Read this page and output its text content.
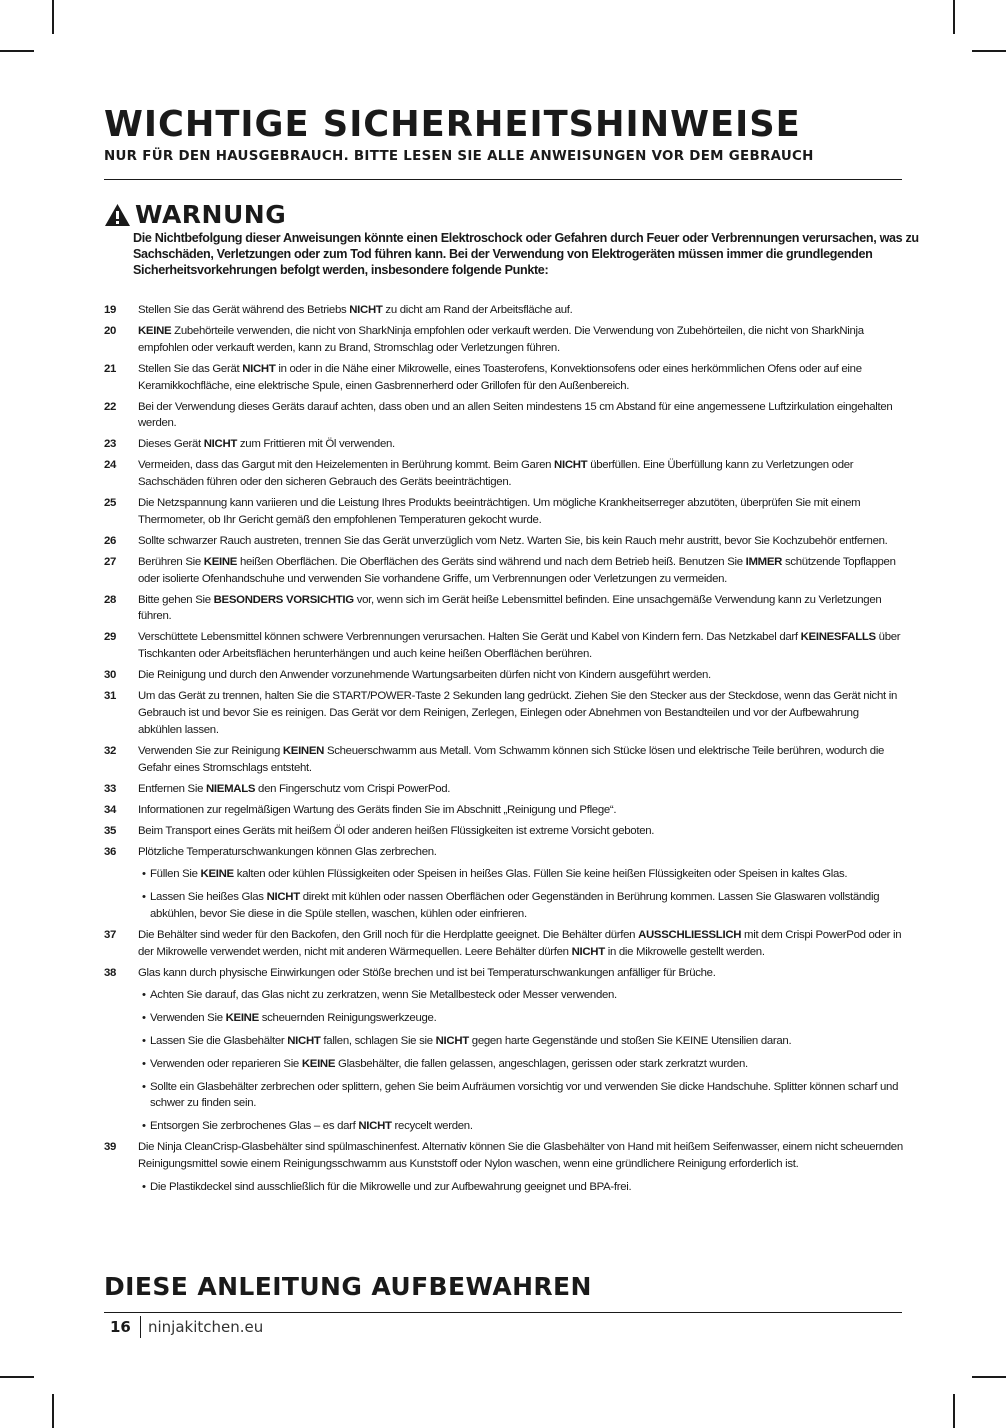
WICHTIGE SICHERHEITSHINWEISE
NUR FÜR DEN HAUSGEBRAUCH. BITTE LESEN SIE ALLE ANWEISUNGEN VOR DEM GEBRAUCH
WARNUNG
Die Nichtbefolgung dieser Anweisungen könnte einen Elektroschock oder Gefahren durch Feuer oder Verbrennungen verursachen, was zu Sachschäden, Verletzungen oder zum Tod führen kann. Bei der Verwendung von Elektrogeräten müssen immer die grundlegenden Sicherheitsvorkehrungen befolgt werden, insbesondere folgende Punkte:
19	Stellen Sie das Gerät während des Betriebs NICHT zu dicht am Rand der Arbeitsfläche auf.
20	KEINE Zubehörteile verwenden, die nicht von SharkNinja empfohlen oder verkauft werden. Die Verwendung von Zubehörteilen, die nicht von SharkNinja empfohlen oder verkauft werden, kann zu Brand, Stromschlag oder Verletzungen führen.
21	Stellen Sie das Gerät NICHT in oder in die Nähe einer Mikrowelle, eines Toasterofens, Konvektionsofens oder eines herkömmlichen Ofens oder auf eine Keramikkochfläche, eine elektrische Spule, einen Gasbrennerherd oder Grillofen für den Außenbereich.
22	Bei der Verwendung dieses Geräts darauf achten, dass oben und an allen Seiten mindestens 15 cm Abstand für eine angemessene Luftzirkulation eingehalten werden.
23	Dieses Gerät NICHT zum Frittieren mit Öl verwenden.
24	Vermeiden, dass das Gargut mit den Heizelementen in Berührung kommt. Beim Garen NICHT überfüllen. Eine Überfüllung kann zu Verletzungen oder Sachschäden führen oder den sicheren Gebrauch des Geräts beeinträchtigen.
25	Die Netzspannung kann variieren und die Leistung Ihres Produkts beeinträchtigen. Um mögliche Krankheitserreger abzutöten, überprüfen Sie mit einem Thermometer, ob Ihr Gericht gemäß den empfohlenen Temperaturen gekocht wurde.
26	Sollte schwarzer Rauch austreten, trennen Sie das Gerät unverzüglich vom Netz. Warten Sie, bis kein Rauch mehr austritt, bevor Sie Kochzubehör entfernen.
27	Berühren Sie KEINE heißen Oberflächen. Die Oberflächen des Geräts sind während und nach dem Betrieb heiß. Benutzen Sie IMMER schützende Topflappen oder isolierte Ofenhandschuhe und verwenden Sie vorhandene Griffe, um Verbrennungen oder Verletzungen zu vermeiden.
28	Bitte gehen Sie BESONDERS VORSICHTIG vor, wenn sich im Gerät heiße Lebensmittel befinden. Eine unsachgemäße Verwendung kann zu Verletzungen führen.
29	Verschüttete Lebensmittel können schwere Verbrennungen verursachen. Halten Sie Gerät und Kabel von Kindern fern. Das Netzkabel darf KEINESFALLS über Tischkanten oder Arbeitsflächen herunterhängen und auch keine heißen Oberflächen berühren.
30	Die Reinigung und durch den Anwender vorzunehmende Wartungsarbeiten dürfen nicht von Kindern ausgeführt werden.
31	Um das Gerät zu trennen, halten Sie die START/POWER-Taste 2 Sekunden lang gedrückt. Ziehen Sie den Stecker aus der Steckdose, wenn das Gerät nicht in Gebrauch ist und bevor Sie es reinigen. Das Gerät vor dem Reinigen, Zerlegen, Einlegen oder Abnehmen von Bestandteilen und vor der Aufbewahrung abkühlen lassen.
32	Verwenden Sie zur Reinigung KEINEN Scheuerschwamm aus Metall. Vom Schwamm können sich Stücke lösen und elektrische Teile berühren, wodurch die Gefahr eines Stromschlags entsteht.
33	Entfernen Sie NIEMALS den Fingerschutz vom Crispi PowerPod.
34	Informationen zur regelmäßigen Wartung des Geräts finden Sie im Abschnitt „Reinigung und Pflege“.
35	Beim Transport eines Geräts mit heißem Öl oder anderen heißen Flüssigkeiten ist extreme Vorsicht geboten.
36	Plötzliche Temperaturschwankungen können Glas zerbrechen.
• Füllen Sie KEINE kalten oder kühlen Flüssigkeiten oder Speisen in heißes Glas. Füllen Sie keine heißen Flüssigkeiten oder Speisen in kaltes Glas.
• Lassen Sie heißes Glas NICHT direkt mit kühlen oder nassen Oberflächen oder Gegenständen in Berührung kommen. Lassen Sie Glaswaren vollständig abkühlen, bevor Sie diese in die Spüle stellen, waschen, kühlen oder einfrieren.
37	Die Behälter sind weder für den Backofen, den Grill noch für die Herdplatte geeignet. Die Behälter dürfen AUSSCHLIESSLICH mit dem Crispi PowerPod oder in der Mikrowelle verwendet werden, nicht mit anderen Wärmequellen. Leere Behälter dürfen NICHT in die Mikrowelle gestellt werden.
38	Glas kann durch physische Einwirkungen oder Stöße brechen und ist bei Temperaturschwankungen anfälliger für Brüche.
• Achten Sie darauf, das Glas nicht zu zerkratzen, wenn Sie Metallbesteck oder Messer verwenden.
• Verwenden Sie KEINE scheuernden Reinigungswerkzeuge.
• Lassen Sie die Glasbehälter NICHT fallen, schlagen Sie sie NICHT gegen harte Gegenstände und stoßen Sie KEINE Utensilien daran.
• Verwenden oder reparieren Sie KEINE Glasbehälter, die fallen gelassen, angeschlagen, gerissen oder stark zerkratzt wurden.
• Sollte ein Glasbehälter zerbrechen oder splittern, gehen Sie beim Aufräumen vorsichtig vor und verwenden Sie dicke Handschuhe. Splitter können scharf und schwer zu finden sein.
• Entsorgen Sie zerbrochenes Glas – es darf NICHT recycelt werden.
39	Die Ninja CleanCrisp-Glasbehälter sind spülmaschinenfest. Alternativ können Sie die Glasbehälter von Hand mit heißem Seifenwasser, einem nicht scheuernden Reinigungsmittel sowie einem Reinigungsschwamm aus Kunststoff oder Nylon waschen, wenn eine gründlichere Reinigung erforderlich ist.
• Die Plastikdeckel sind ausschließlich für die Mikrowelle und zur Aufbewahrung geeignet und BPA-frei.
DIESE ANLEITUNG AUFBEWAHREN
16 ninjakitchen.eu
